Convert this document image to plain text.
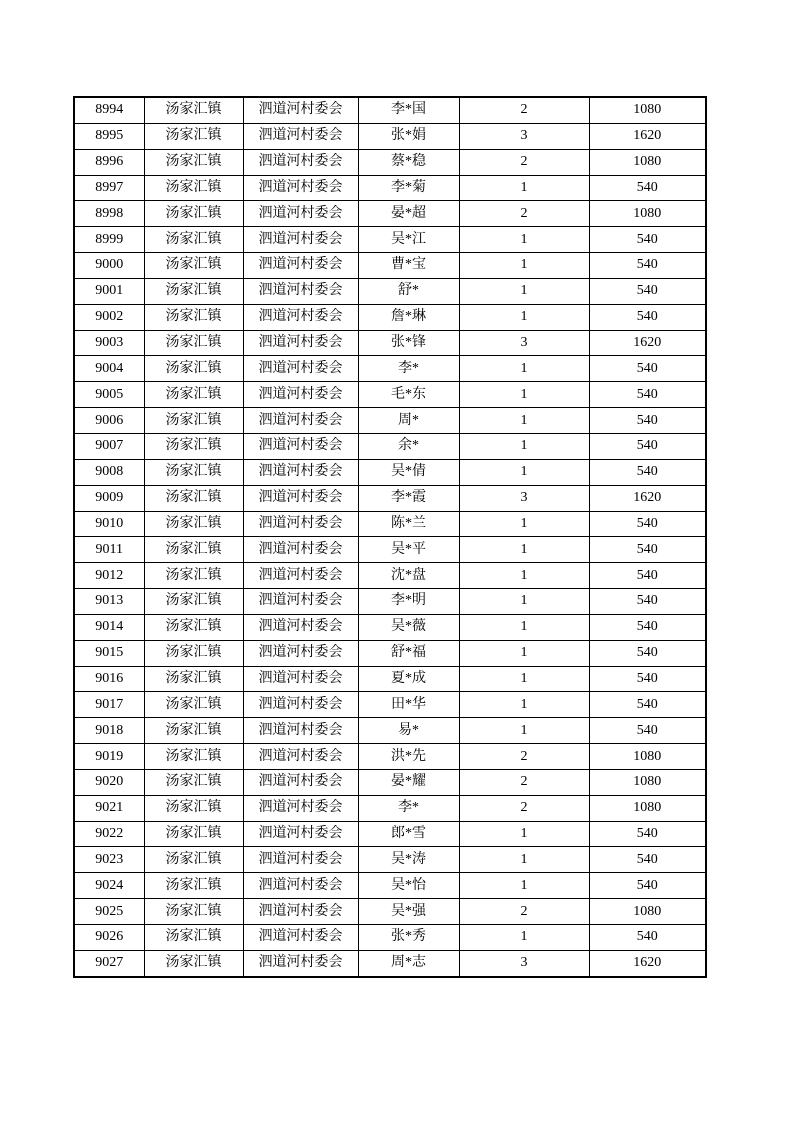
8994	汤家汇镇	泗道河村委会	李*国	2	1080
8995	汤家汇镇	泗道河村委会	张*娟	3	1620
8996	汤家汇镇	泗道河村委会	蔡*稳	2	1080
8997	汤家汇镇	泗道河村委会	李*菊	1	540
8998	汤家汇镇	泗道河村委会	晏*超	2	1080
8999	汤家汇镇	泗道河村委会	吴*江	1	540
9000	汤家汇镇	泗道河村委会	曹*宝	1	540
9001	汤家汇镇	泗道河村委会	舒*	1	540
9002	汤家汇镇	泗道河村委会	詹*琳	1	540
9003	汤家汇镇	泗道河村委会	张*锋	3	1620
9004	汤家汇镇	泗道河村委会	李*	1	540
9005	汤家汇镇	泗道河村委会	毛*东	1	540
9006	汤家汇镇	泗道河村委会	周*	1	540
9007	汤家汇镇	泗道河村委会	余*	1	540
9008	汤家汇镇	泗道河村委会	吴*倩	1	540
9009	汤家汇镇	泗道河村委会	李*霞	3	1620
9010	汤家汇镇	泗道河村委会	陈*兰	1	540
9011	汤家汇镇	泗道河村委会	吴*平	1	540
9012	汤家汇镇	泗道河村委会	沈*盘	1	540
9013	汤家汇镇	泗道河村委会	李*明	1	540
9014	汤家汇镇	泗道河村委会	吴*薇	1	540
9015	汤家汇镇	泗道河村委会	舒*福	1	540
9016	汤家汇镇	泗道河村委会	夏*成	1	540
9017	汤家汇镇	泗道河村委会	田*华	1	540
9018	汤家汇镇	泗道河村委会	易*	1	540
9019	汤家汇镇	泗道河村委会	洪*先	2	1080
9020	汤家汇镇	泗道河村委会	晏*耀	2	1080
9021	汤家汇镇	泗道河村委会	李*	2	1080
9022	汤家汇镇	泗道河村委会	郎*雪	1	540
9023	汤家汇镇	泗道河村委会	吴*涛	1	540
9024	汤家汇镇	泗道河村委会	吴*怡	1	540
9025	汤家汇镇	泗道河村委会	吴*强	2	1080
9026	汤家汇镇	泗道河村委会	张*秀	1	540
9027	汤家汇镇	泗道河村委会	周*志	3	1620
